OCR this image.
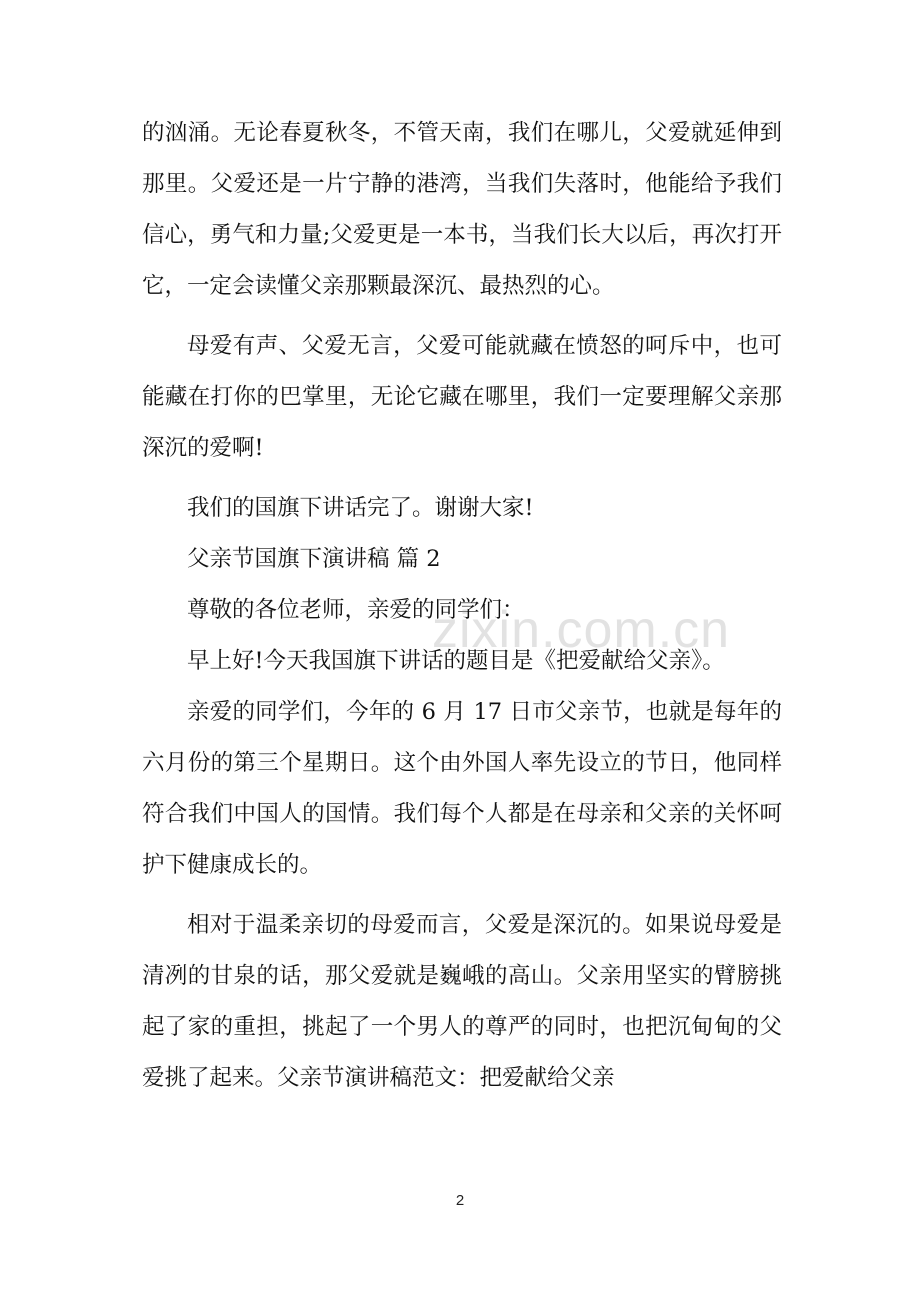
的汹涌。无论春夏秋冬，不管天南，我们在哪儿，父爱就延伸到那里。父爱还是一片宁静的港湾，当我们失落时，他能给予我们信心，勇气和力量;父爱更是一本书，当我们长大以后，再次打开它，一定会读懂父亲那颗最深沉、最热烈的心。

母爱有声、父爱无言，父爱可能就藏在愤怒的呵斥中，也可能藏在打你的巴掌里，无论它藏在哪里，我们一定要理解父亲那深沉的爱啊!

我们的国旗下讲话完了。谢谢大家!

父亲节国旗下演讲稿 篇 2

尊敬的各位老师，亲爱的同学们：

早上好!今天我国旗下讲话的题目是《把爱献给父亲》。

亲爱的同学们，今年的 6 月 17 日市父亲节，也就是每年的六月份的第三个星期日。这个由外国人率先设立的节日，他同样符合我们中国人的国情。我们每个人都是在母亲和父亲的关怀呵护下健康成长的。

相对于温柔亲切的母爱而言，父爱是深沉的。如果说母爱是清冽的甘泉的话，那父爱就是巍峨的高山。父亲用坚实的臂膀挑起了家的重担，挑起了一个男人的尊严的同时，也把沉甸甸的父爱挑了起来。父亲节演讲稿范文：把爱献给父亲

zixin.com.cn
2
